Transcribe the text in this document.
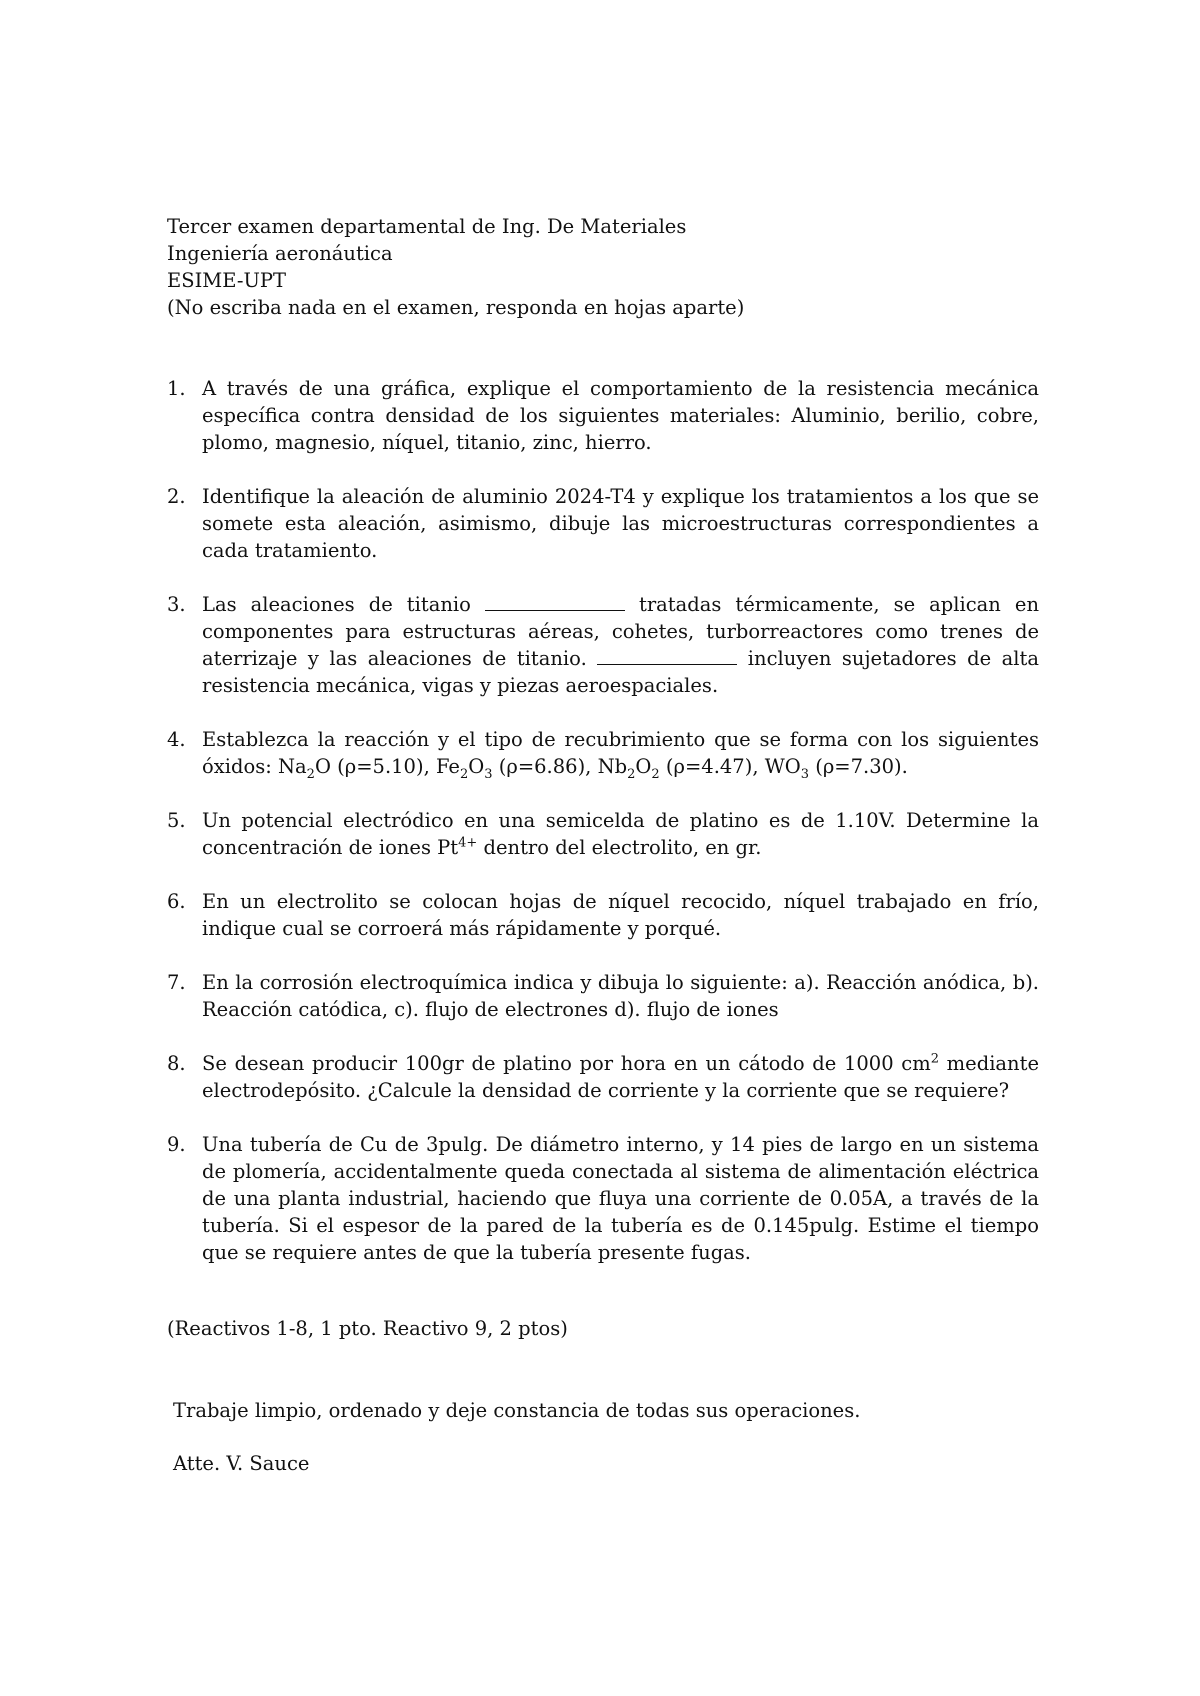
Tercer examen departamental de Ing. De Materiales
Ingeniería aeronáutica
ESIME-UPT
(No escriba nada en el examen, responda en hojas aparte)
1. A través de una gráfica, explique el comportamiento de la resistencia mecánica específica contra densidad de los siguientes materiales: Aluminio, berilio, cobre, plomo, magnesio, níquel, titanio, zinc, hierro.
2. Identifique la aleación de aluminio 2024-T4 y explique los tratamientos a los que se somete esta aleación, asimismo, dibuje las microestructuras correspondientes a cada tratamiento.
3. Las aleaciones de titanio	tratadas térmicamente, se aplican en componentes para estructuras aéreas, cohetes, turborreactores como trenes de aterrizaje y las aleaciones de titanio.	incluyen sujetadores de alta resistencia mecánica, vigas y piezas aeroespaciales.
4. Establezca la reacción y el tipo de recubrimiento que se forma con los siguientes óxidos: $Na_2O$ (ρ=5.10), $Fe_2O_3$ (ρ=6.86), $Nb_2O_2$ (ρ=4.47), $WO_3$ (ρ=7.30).
5. Un potencial electródico en una semicelda de platino es de 1.10V. Determine la concentración de iones $Pt^{4+}$ dentro del electrolito, en gr.
6. En un electrolito se colocan hojas de níquel recocido, níquel trabajado en frío, indique cual se corroerá más rápidamente y porqué.
7. En la corrosión electroquímica indica y dibuja lo siguiente: a). Reacción anódica, b). Reacción catódica, c). flujo de electrones d). flujo de iones
8. Se desean producir 100gr de platino por hora en un cátodo de 1000 $cm^2$ mediante electrodepósito. ¿Calcule la densidad de corriente y la corriente que se requiere?
9. Una tubería de Cu de 3pulg. De diámetro interno, y 14 pies de largo en un sistema de plomería, accidentalmente queda conectada al sistema de alimentación eléctrica de una planta industrial, haciendo que fluya una corriente de 0.05A, a través de la tubería. Si el espesor de la pared de la tubería es de 0.145pulg. Estime el tiempo que se requiere antes de que la tubería presente fugas.
(Reactivos 1-8, 1 pto. Reactivo 9, 2 ptos)
Trabaje limpio, ordenado y deje constancia de todas sus operaciones.
Atte. V. Sauce
